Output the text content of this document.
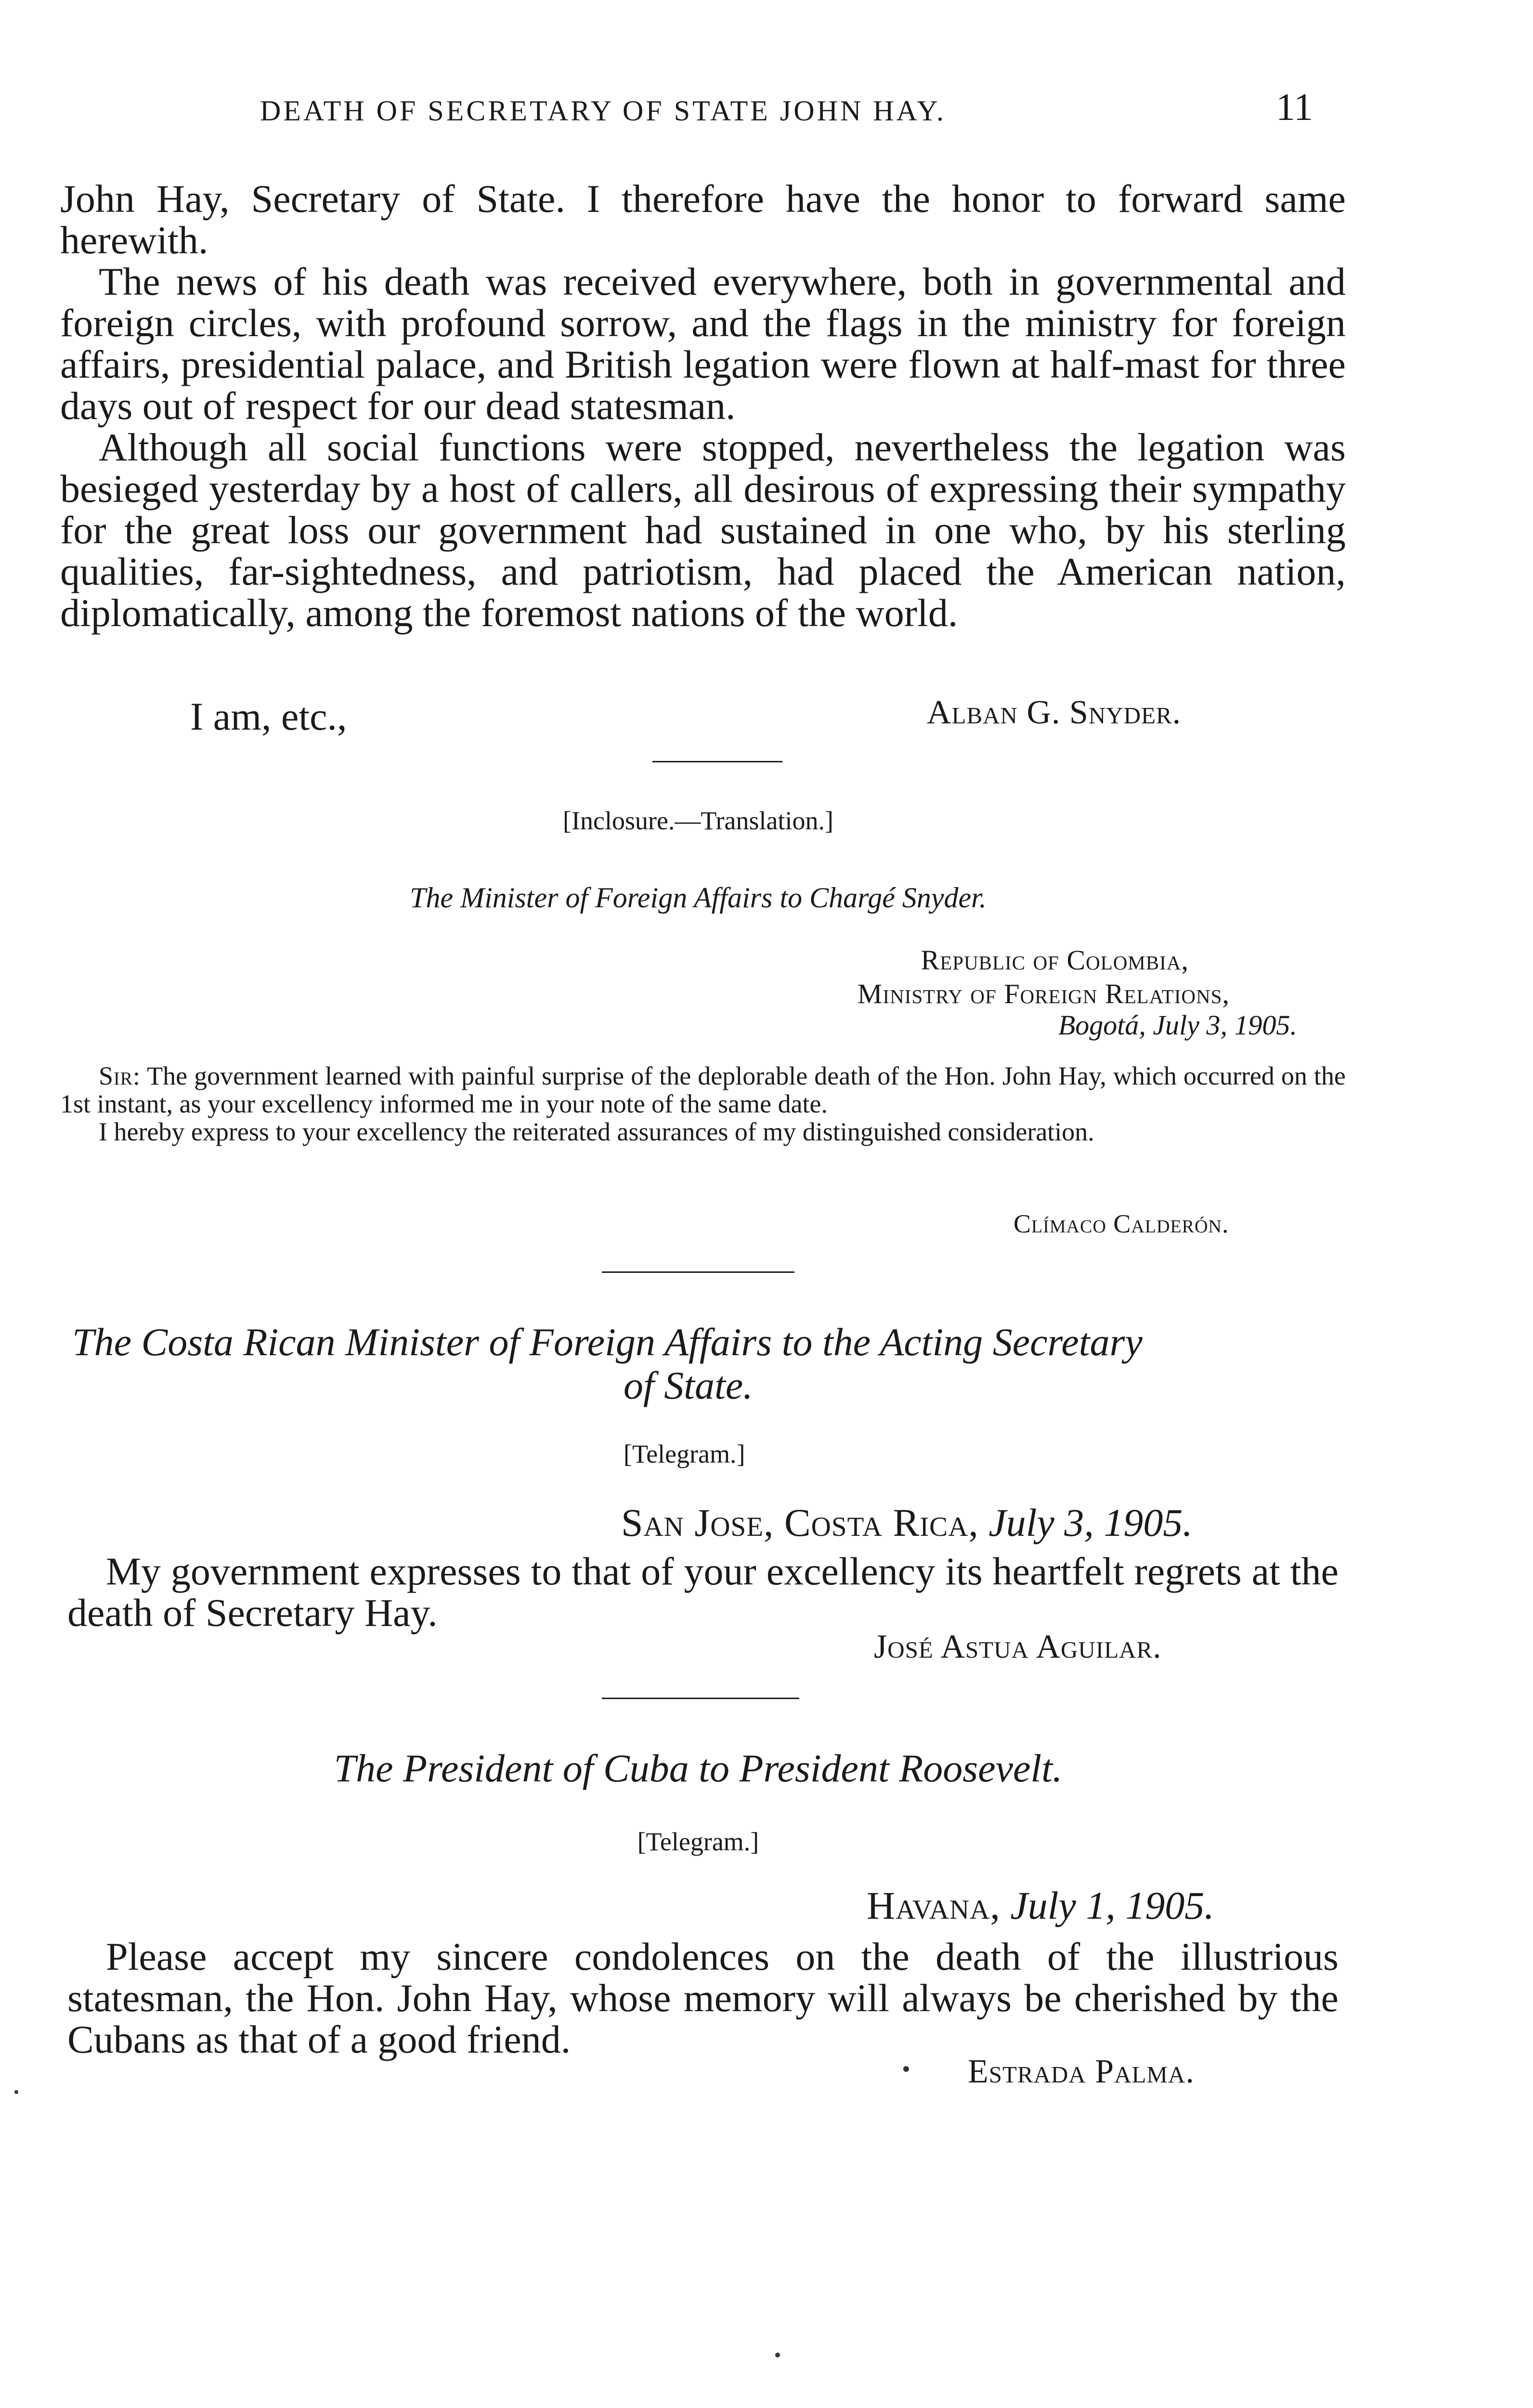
DEATH OF SECRETARY OF STATE JOHN HAY.	11

John Hay, Secretary of State. I therefore have the honor to forward same herewith.

The news of his death was received everywhere, both in governmental and foreign circles, with profound sorrow, and the flags in the ministry for foreign affairs, presidential palace, and British legation were flown at half-mast for three days out of respect for our dead statesman.

Although all social functions were stopped, nevertheless the legation was besieged yesterday by a host of callers, all desirous of expressing their sympathy for the great loss our government had sustained in one who, by his sterling qualities, far-sightedness, and patriotism, had placed the American nation, diplomatically, among the foremost nations of the world.

I am, etc.,	Alban G. Snyder.
[Inclosure.—Translation.]
The Minister of Foreign Affairs to Chargé Snyder.
Republic of Colombia,
Ministry of Foreign Relations,
Bogotá, July 3, 1905.

Sir: The government learned with painful surprise of the deplorable death of the Hon. John Hay, which occurred on the 1st instant, as your excellency informed me in your note of the same date.

I hereby express to your excellency the reiterated assurances of my distinguished consideration.

Clímaco Calderón.
The Costa Rican Minister of Foreign Affairs to the Acting Secretary
of State.
[Telegram.]
San Jose, Costa Rica, July 3, 1905.

My government expresses to that of your excellency its heartfelt regrets at the death of Secretary Hay.

José Astua Aguilar.
The President of Cuba to President Roosevelt.
[Telegram.]
Havana, July 1, 1905.

Please accept my sincere condolences on the death of the illustrious statesman, the Hon. John Hay, whose memory will always be cherished by the Cubans as that of a good friend.

Estrada Palma.
